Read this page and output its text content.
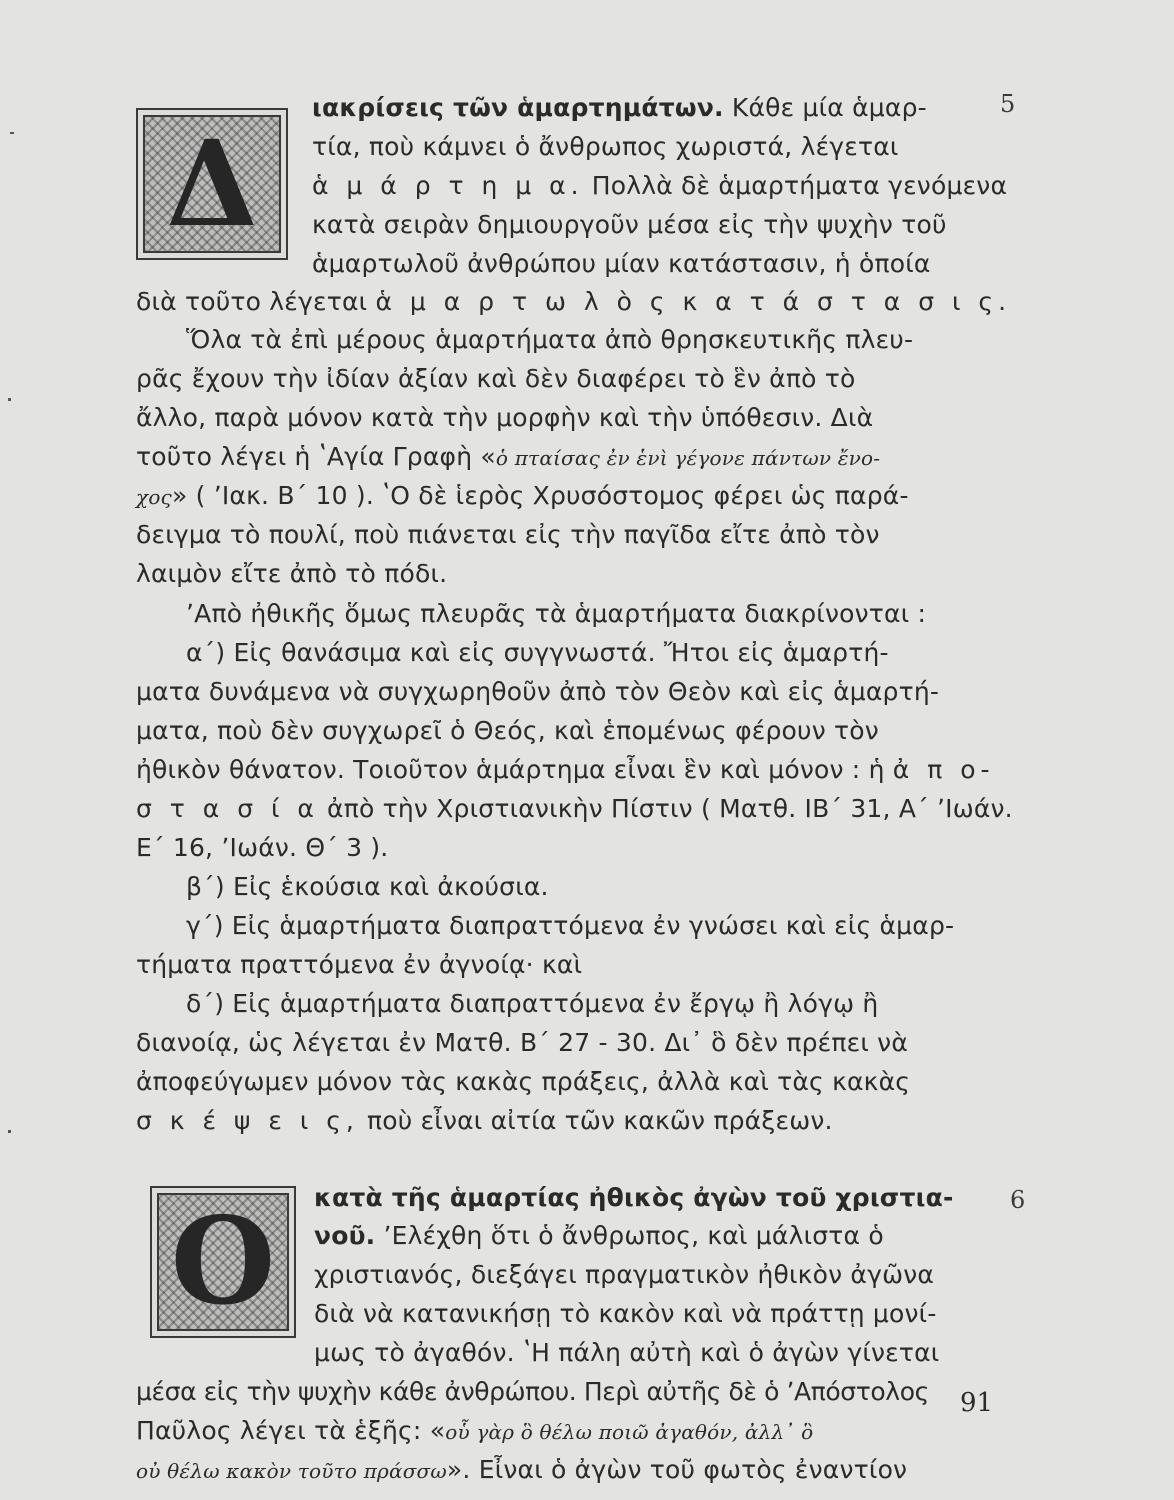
5
Δ
ιακρίσεις τῶν ἁμαρτημάτων. Κάθε μία ἁμαρ-
τία, ποὺ κάμνει ὁ ἄνθρωπος χωριστά, λέγεται
ἁ μ ά ρ τ η μ α. Πολλὰ δὲ ἁμαρτήματα γενόμενα
κατὰ σειρὰν δημιουργοῦν μέσα εἰς τὴν ψυχὴν τοῦ
ἁμαρτωλοῦ ἀνθρώπου μίαν κατάστασιν, ἡ ὁποία
διὰ τοῦτο λέγεται ἁ μ α ρ τ ω λ ὸ ς κ α τ ά σ τ α σ ι ς.
Ὅλα τὰ ἐπὶ μέρους ἁμαρτήματα ἀπὸ θρησκευτικῆς πλευ-
ρᾶς ἔχουν τὴν ἰδίαν ἀξίαν καὶ δὲν διαφέρει τὸ ἓν ἀπὸ τὸ
ἄλλο, παρὰ μόνον κατὰ τὴν μορφὴν καὶ τὴν ὑπόθεσιν. Διὰ
τοῦτο λέγει ἡ ʽΑγία Γραφὴ «ὁ πταίσας ἐν ἑνὶ γέγονε πάντων ἔνο-
χος» ( ʼΙακ. Β΄ 10 ). ʽΟ δὲ ἱερὸς Χρυσόστομος φέρει ὡς παρά-
δειγμα τὸ πουλί, ποὺ πιάνεται εἰς τὴν παγῖδα εἴτε ἀπὸ τὸν
λαιμὸν εἴτε ἀπὸ τὸ πόδι.
ʼΑπὸ ἠθικῆς ὅμως πλευρᾶς τὰ ἁμαρτήματα διακρίνονται :
α΄) Εἰς θανάσιμα καὶ εἰς συγγνωστά. Ἤτοι εἰς ἁμαρτή-
ματα δυνάμενα νὰ συγχωρηθοῦν ἀπὸ τὸν Θεὸν καὶ εἰς ἁμαρτή-
ματα, ποὺ δὲν συγχωρεῖ ὁ Θεός, καὶ ἑπομένως φέρουν τὸν
ἠθικὸν θάνατον. Τοιοῦτον ἁμάρτημα εἶναι ἓν καὶ μόνον : ἡ ἀ π ο-
σ τ α σ ί α ἀπὸ τὴν Χριστιανικὴν Πίστιν ( Ματθ. ΙΒ΄ 31, Α΄ ʼΙωάν.
Ε΄ 16, ʼΙωάν. Θ΄ 3 ).
β΄) Εἰς ἑκούσια καὶ ἀκούσια.
γ΄) Εἰς ἁμαρτήματα διαπραττόμενα ἐν γνώσει καὶ εἰς ἁμαρ-
τήματα πραττόμενα ἐν ἀγνοίᾳ· καὶ
δ΄) Εἰς ἁμαρτήματα διαπραττόμενα ἐν ἔργῳ ἢ λόγῳ ἢ
διανοίᾳ, ὡς λέγεται ἐν Ματθ. Β΄ 27 - 30. Δι᾽ ὃ δὲν πρέπει νὰ
ἀποφεύγωμεν μόνον τὰς κακὰς πράξεις, ἀλλὰ καὶ τὰς κακὰς
σ κ έ ψ ε ι ς, ποὺ εἶναι αἰτία τῶν κακῶν πράξεων.
6
Ο κατὰ τῆς ἁμαρτίας ἠθικὸς ἀγὼν τοῦ χριστια-
νοῦ. ʼΕλέχθη ὅτι ὁ ἄνθρωπος, καὶ μάλιστα ὁ
χριστιανός, διεξάγει πραγματικὸν ἠθικὸν ἀγῶνα
διὰ νὰ κατανικήσῃ τὸ κακὸν καὶ νὰ πράττῃ μονί-
μως τὸ ἀγαθόν. ʽΗ πάλη αὐτὴ καὶ ὁ ἀγὼν γίνεται
μέσα εἰς τὴν ψυχὴν κάθε ἀνθρώπου. Περὶ αὐτῆς δὲ ὁ ʼΑπόστολος
Παῦλος λέγει τὰ ἑξῆς: «οὗ γὰρ ὃ θέλω ποιῶ ἀγαθόν, ἀλλ᾽ ὃ
οὐ θέλω κακὸν τοῦτο πράσσω». Εἶναι ὁ ἀγὼν τοῦ φωτὸς ἐναντίον
91
